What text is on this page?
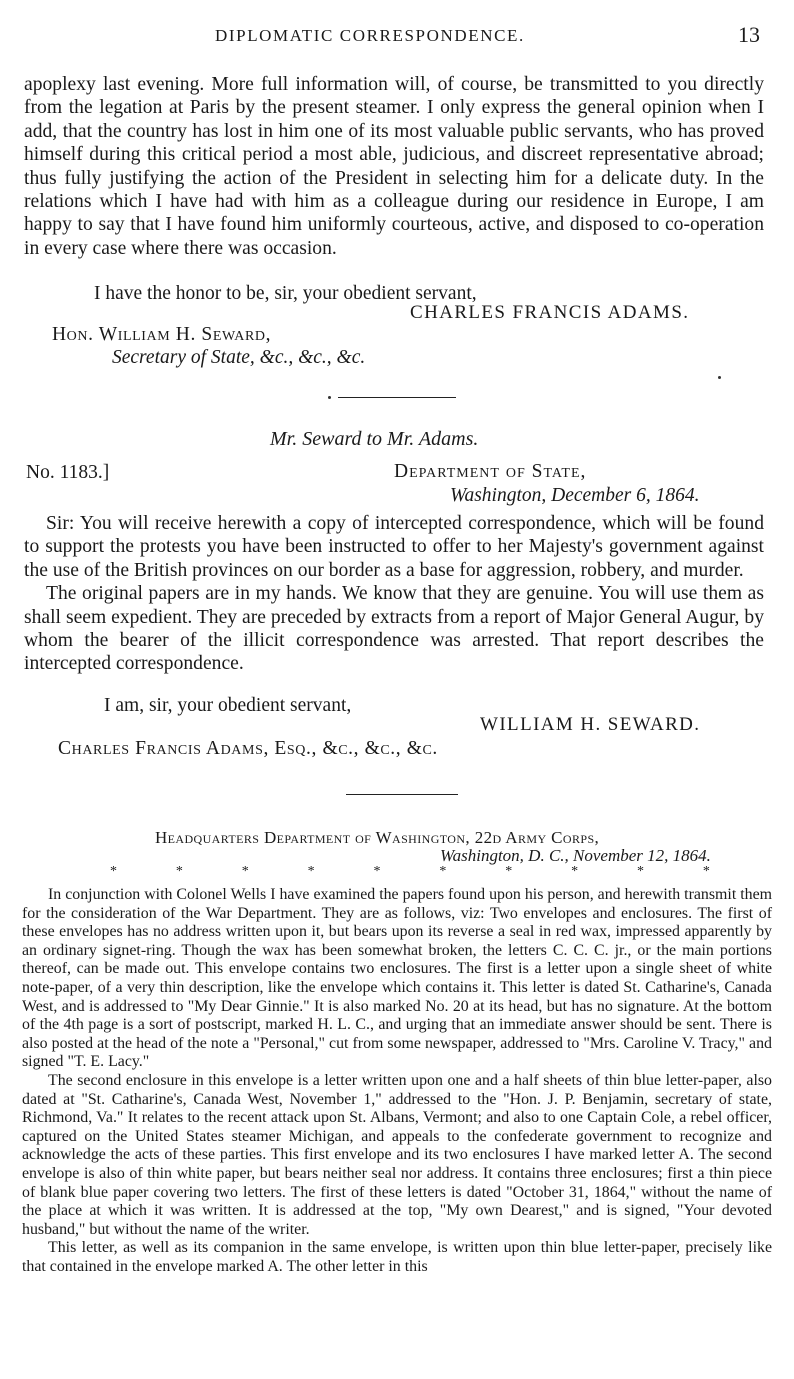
DIPLOMATIC CORRESPONDENCE.	13

apoplexy last evening. More full information will, of course, be transmitted to you directly from the legation at Paris by the present steamer. I only express the general opinion when I add, that the country has lost in him one of its most valuable public servants, who has proved himself during this critical period a most able, judicious, and discreet representative abroad; thus fully justifying the action of the President in selecting him for a delicate duty. In the relations which I have had with him as a colleague during our residence in Europe, I am happy to say that I have found him uniformly courteous, active, and disposed to co-operation in every case where there was occasion.

I have the honor to be, sir, your obedient servant,
CHARLES FRANCIS ADAMS.
Hon. William H. Seward,
Secretary of State, &c., &c., &c.
Mr. Seward to Mr. Adams.
No. 1183.]	Department of State,
Washington, December 6, 1864.

Sir: You will receive herewith a copy of intercepted correspondence, which will be found to support the protests you have been instructed to offer to her Majesty's government against the use of the British provinces on our border as a base for aggression, robbery, and murder.

The original papers are in my hands. We know that they are genuine. You will use them as shall seem expedient. They are preceded by extracts from a report of Major General Augur, by whom the bearer of the illicit correspondence was arrested. That report describes the intercepted correspondence.

I am, sir, your obedient servant,
WILLIAM H. SEWARD.
Charles Francis Adams, Esq., &c., &c., &c.
Headquarters Department of Washington, 22d Army Corps,
Washington, D. C., November 12, 1864.
*	*	*	*	*	*	*	*	*	*

In conjunction with Colonel Wells I have examined the papers found upon his person, and herewith transmit them for the consideration of the War Department. They are as follows, viz: Two envelopes and enclosures. The first of these envelopes has no address written upon it, but bears upon its reverse a seal in red wax, impressed apparently by an ordinary signet-ring. Though the wax has been somewhat broken, the letters C. C. C. jr., or the main portions thereof, can be made out. This envelope contains two enclosures. The first is a letter upon a single sheet of white note-paper, of a very thin description, like the envelope which contains it. This letter is dated St. Catharine's, Canada West, and is addressed to "My Dear Ginnie." It is also marked No. 20 at its head, but has no signature. At the bottom of the 4th page is a sort of postscript, marked H. L. C., and urging that an immediate answer should be sent. There is also posted at the head of the note a "Personal," cut from some newspaper, addressed to "Mrs. Caroline V. Tracy," and signed "T. E. Lacy."

The second enclosure in this envelope is a letter written upon one and a half sheets of thin blue letter-paper, also dated at "St. Catharine's, Canada West, November 1," addressed to the "Hon. J. P. Benjamin, secretary of state, Richmond, Va." It relates to the recent attack upon St. Albans, Vermont; and also to one Captain Cole, a rebel officer, captured on the United States steamer Michigan, and appeals to the confederate government to recognize and acknowledge the acts of these parties. This first envelope and its two enclosures I have marked letter A. The second envelope is also of thin white paper, but bears neither seal nor address. It contains three enclosures; first a thin piece of blank blue paper covering two letters. The first of these letters is dated "October 31, 1864," without the name of the place at which it was written. It is addressed at the top, "My own Dearest," and is signed, "Your devoted husband," but without the name of the writer.

This letter, as well as its companion in the same envelope, is written upon thin blue letter-paper, precisely like that contained in the envelope marked A. The other letter in this
